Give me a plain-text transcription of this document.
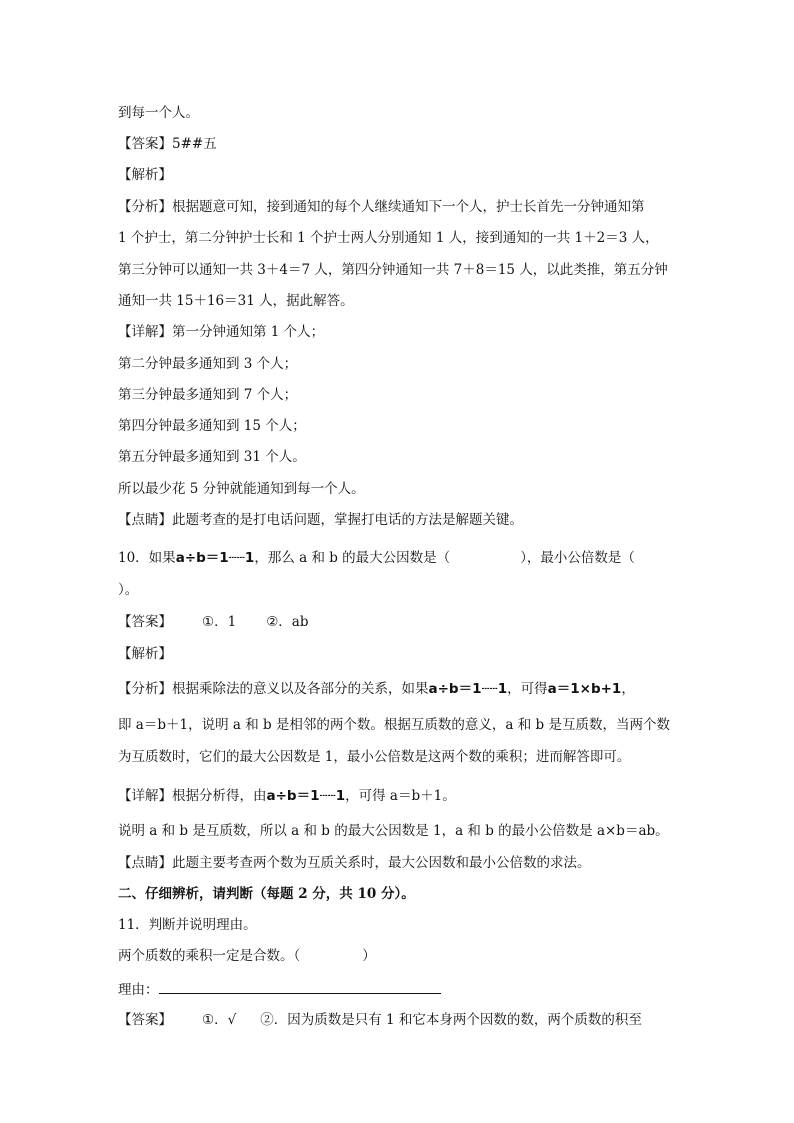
到每一个人。
【答案】5##五
【解析】
【分析】根据题意可知，接到通知的每个人继续通知下一个人，护士长首先一分钟通知第
1 个护士，第二分钟护士长和 1 个护士两人分别通知 1 人，接到通知的一共 1＋2＝3 人，
第三分钟可以通知一共 3＋4＝7 人，第四分钟通知一共 7＋8＝15 人，以此类推，第五分钟
通知一共 15＋16＝31 人，据此解答。
【详解】第一分钟通知第 1 个人；
第二分钟最多通知到 3 个人；
第三分钟最多通知到 7 个人；
第四分钟最多通知到 15 个人；
第五分钟最多通知到 31 个人。
所以最少花 5 分钟就能通知到每一个人。
【点睛】此题考查的是打电话问题，掌握打电话的方法是解题关键。
10．如果a÷b＝1┄┄1，那么 a 和 b 的最大公因数是（	），最小公倍数是（
）。
【答案】 ①．1 ②．ab
【解析】
【分析】根据乘除法的意义以及各部分的关系，如果a÷b＝1┄┄1，可得a＝1×b+1，
即 a＝b＋1，说明 a 和 b 是相邻的两个数。根据互质数的意义，a 和 b 是互质数，当两个数
为互质数时，它们的最大公因数是 1，最小公倍数是这两个数的乘积；进而解答即可。
【详解】根据分析得，由a÷b＝1┄┄1，可得 a＝b＋1。
说明 a 和 b 是互质数，所以 a 和 b 的最大公因数是 1，a 和 b 的最小公倍数是 a×b＝ab。
【点睛】此题主要考查两个数为互质关系时，最大公因数和最小公倍数的求法。
二、仔细辨析，请判断（每题 2 分，共 10 分）。
11．判断并说明理由。
两个质数的乘积一定是合数。（	）
理由：
【答案】 ①．√ ②．因为质数是只有 1 和它本身两个因数的数，两个质数的积至
